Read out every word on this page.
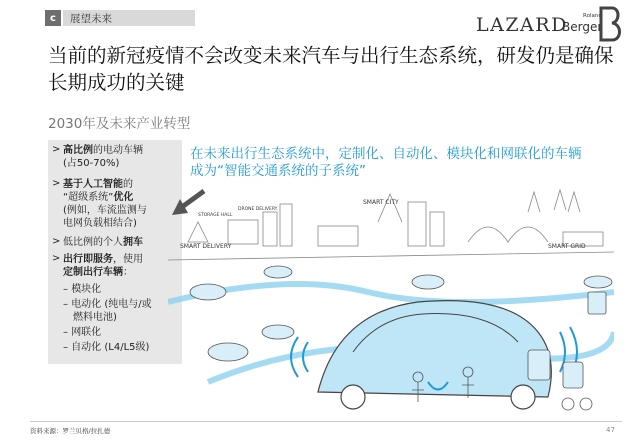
c	展望未来	LAZARD	Roland
Berger
当前的新冠疫情不会改变未来汽车与出行生态系统，研发仍是确保长期成功的关键
2030年及未来产业转型
> 高比例的电动车辆
(占50-70%)
> 基于人工智能的
“超级系统”优化
(例如，车流监测与
电网负载相结合)
> 低比例的个人拥车
> 出行即服务，使用
定制出行车辆：
– 模块化
– 电动化 (纯电与/或
燃料电池)
– 网联化
– 自动化 (L4/L5级)
在未来出行生态系统中，定制化、自动化、模块化和网联化的车辆成为“智能交通系统的子系统”
SMART CITY
SMART DELIVERY	SMART GRID
STORAGE HALL
DRONE DELIVERY
资料来源：罗兰贝格/拉扎德	47
